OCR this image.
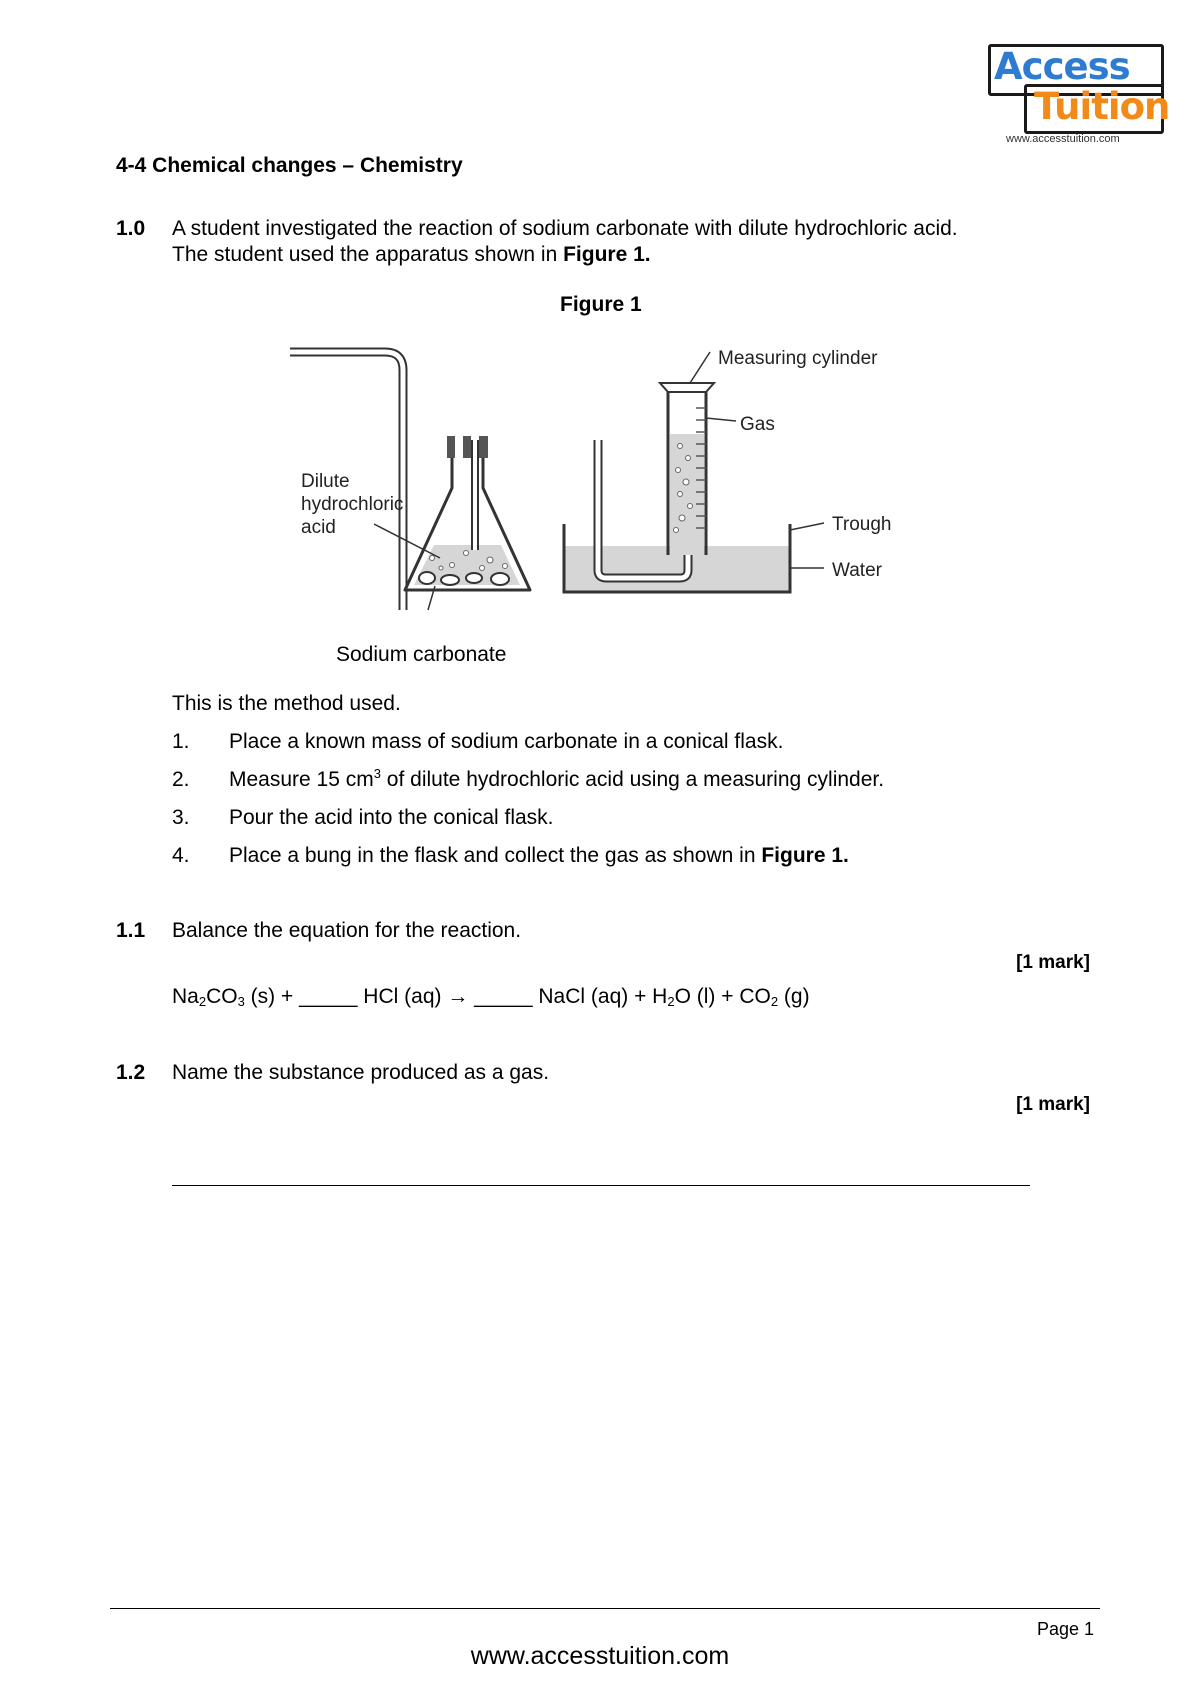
Access
Tuition
www.accesstuition.com
4-4 Chemical changes – Chemistry
1.0 A student investigated the reaction of sodium carbonate with dilute hydrochloric acid.
The student used the apparatus shown in Figure 1.
Figure 1
Measuring cylinder
Gas
Dilute
hydrochloric
acid	Trough
Water
Sodium carbonate
This is the method used.
1. Place a known mass of sodium carbonate in a conical flask.
2. Measure 15 $cm^3$ of dilute hydrochloric acid using a measuring cylinder.
3. Pour the acid into the conical flask.
4. Place a bung in the flask and collect the gas as shown in Figure 1.
1.1 Balance the equation for the reaction.
[1 mark]
$Na_2CO_3$ (s) + _____ HCl (aq) → _____ NaCl $(aq) + H_2O$ $(l) + CO_2$ (g)
1.2 Name the substance produced as a gas.
[1 mark]
Page 1
www.accesstuition.com
